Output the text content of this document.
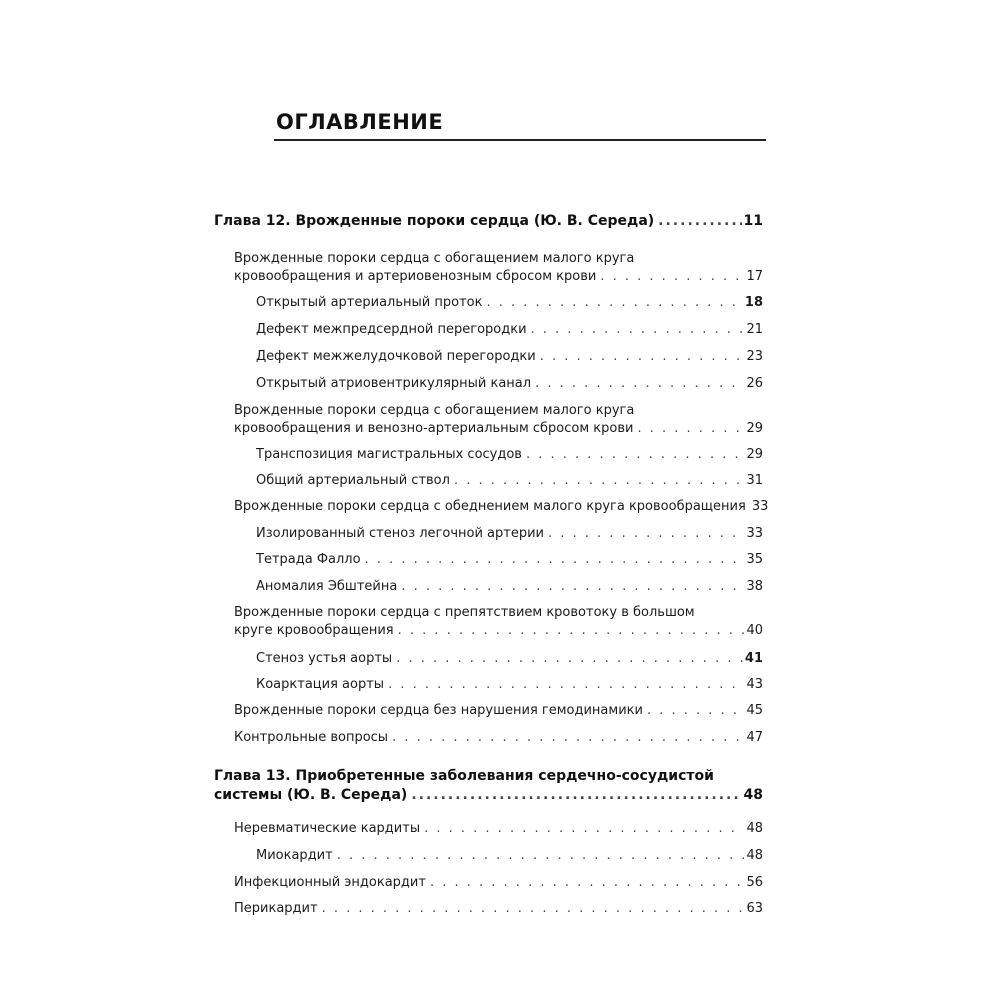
ОГЛАВЛЕНИЕ
Глава 12. Врожденные пороки сердца (Ю. В. Середа) .....	11
Врожденные пороки сердца с обогащением малого круга
кровообращения и артериовенозным сбросом крови . . .	17
Открытый артериальный проток . . .	18
Дефект межпредсердной перегородки . . .	21
Дефект межжелудочковой перегородки . . .	23
Открытый атриовентрикулярный канал . . .	26
Врожденные пороки сердца с обогащением малого круга
кровообращения и венозно-артериальным сбросом крови . . .	29
Транспозиция магистральных сосудов . . .	29
Общий артериальный ствол . . .	31
Врожденные пороки сердца с обеднением малого круга кровообращения 33
Изолированный стеноз легочной артерии . . .	33
Тетрада Фалло . . .	35
Аномалия Эбштейна . . .	38
Врожденные пороки сердца с препятствием кровотоку в большом
круге кровообращения . . .	40
Стеноз устья аорты . . .	41
Коарктация аорты . . .	43
Врожденные пороки сердца без нарушения гемодинамики . . .	45
Контрольные вопросы . . .	47
Глава 13. Приобретенные заболевания сердечно-сосудистой
системы (Ю. В. Середа) .....	48
Неревматические кардиты . . .	48
Миокардит . . .	48
Инфекционный эндокардит . . .	56
Перикардит . . .	63
